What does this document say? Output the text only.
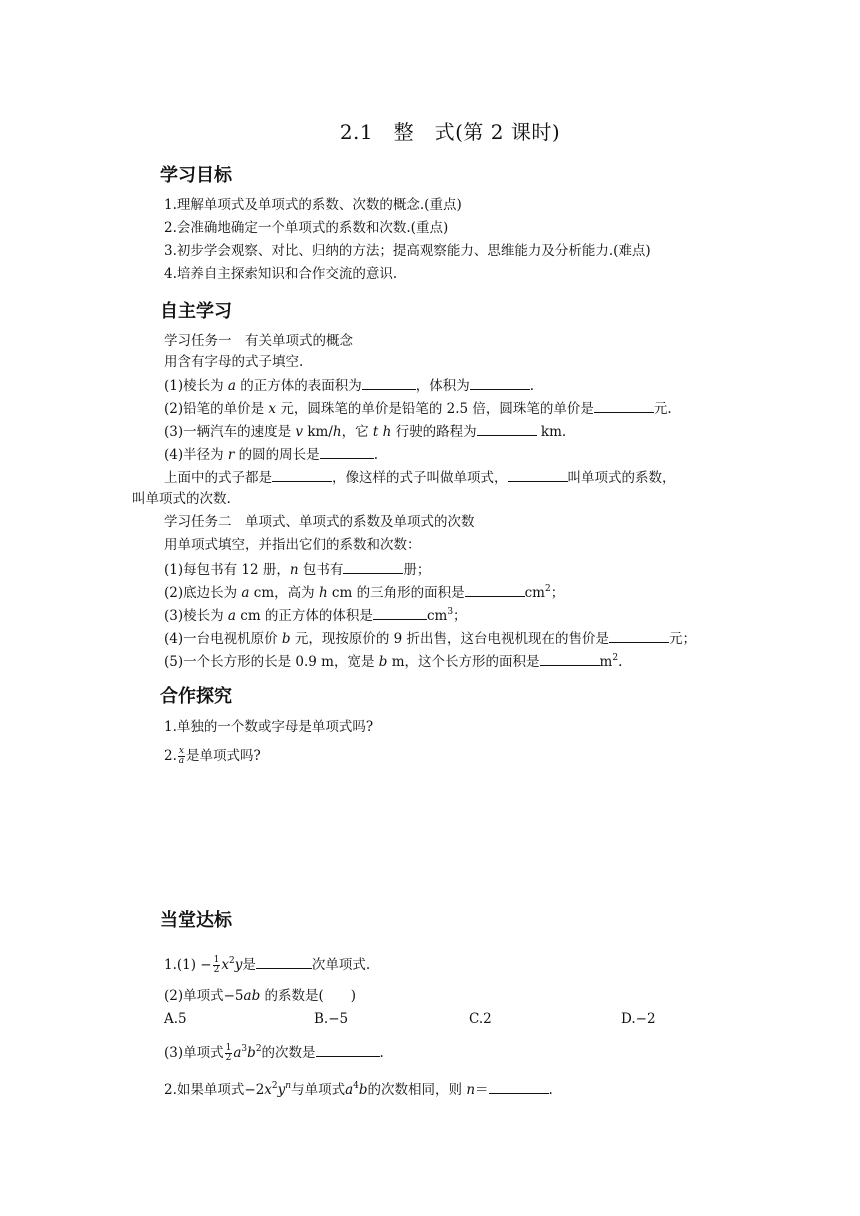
2.1　整　式(第 2 课时)
学习目标
1.理解单项式及单项式的系数、次数的概念.(重点)
2.会准确地确定一个单项式的系数和次数.(重点)
3.初步学会观察、对比、归纳的方法；提高观察能力、思维能力及分析能力.(难点)
4.培养自主探索知识和合作交流的意识.
自主学习
学习任务一　有关单项式的概念
用含有字母的式子填空.
(1)棱长为 a 的正方体的表面积为	，体积为	.
(2)铅笔的单价是 x 元，圆珠笔的单价是铅笔的 2.5 倍，圆珠笔的单价是	元.
(3)一辆汽车的速度是 v km/h，它 t h 行驶的路程为	km.
(4)半径为 r 的圆的周长是	.
上面中的式子都是	，像这样的式子叫做单项式，	叫单项式的系数，
叫单项式的次数.
学习任务二　单项式、单项式的系数及单项式的次数
用单项式填空，并指出它们的系数和次数：
(1)每包书有 12 册，n 包书有	册；
(2)底边长为 a cm，高为 h cm 的三角形的面积是	$cm^2$；
(3)棱长为 a cm 的正方体的体积是	$cm^3$；
(4)一台电视机原价 b 元，现按原价的 9 折出售，这台电视机现在的售价是	元；
(5)一个长方形的长是 0.9 m，宽是 b m，这个长方形的面积是	$m^2$.
合作探究
1.单独的一个数或字母是单项式吗?
2. $\frac{x}{a}$ 是单项式吗?
当堂达标
$1.(1) - \frac{1}{2} x^2y$是	次单项式.
(2)单项式−5ab 的系数是(　　)
A.5	B.−5	C.2	D.−2
(3)单项式 $\frac{1}{2} a^3b^2$的次数是	.
2.如果单项式$-2x^2y^n$与单项式$a^4b$的次数相同，则 n＝	.
